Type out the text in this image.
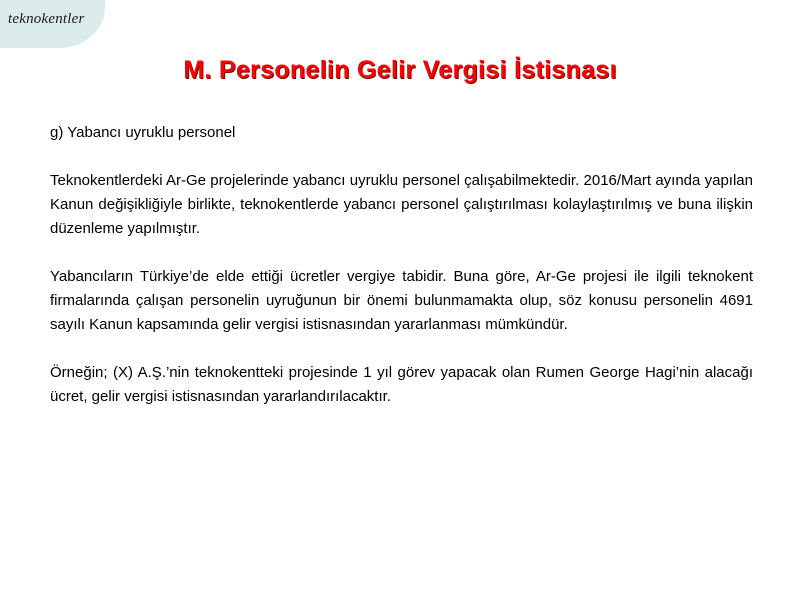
teknokentler
M. Personelin Gelir Vergisi İstisnası
g) Yabancı uyruklu personel

Teknokentlerdeki Ar-Ge projelerinde yabancı uyruklu personel çalışabilmektedir. 2016/Mart ayında yapılan Kanun değişikliğiyle birlikte, teknokentlerde yabancı personel çalıştırılması kolaylaştırılmış ve buna ilişkin düzenleme yapılmıştır.

Yabancıların Türkiye’de elde ettiği ücretler vergiye tabidir. Buna göre, Ar-Ge projesi ile ilgili teknokent firmalarında çalışan personelin uyruğunun bir önemi bulunmamakta olup, söz konusu personelin 4691 sayılı Kanun kapsamında gelir vergisi istisnasından yararlanması mümkündür.

Örneğin; (X) A.Ş.’nin teknokentteki projesinde 1 yıl görev yapacak olan Rumen George Hagi’nin alacağı ücret, gelir vergisi istisnasından yararlandırılacaktır.
